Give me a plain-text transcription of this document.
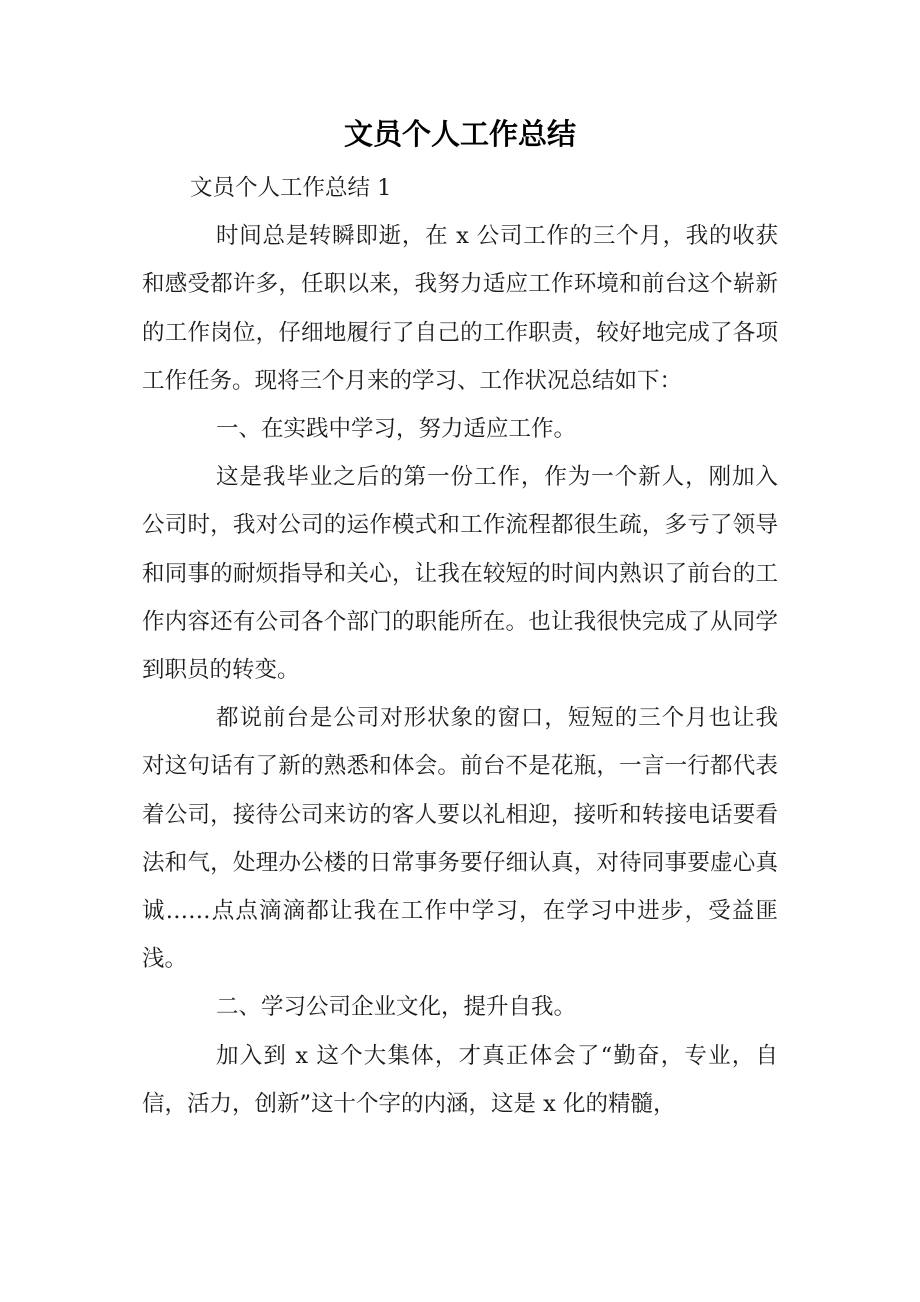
文员个人工作总结

文员个人工作总结 1

时间总是转瞬即逝，在 x 公司工作的三个月，我的收获和感受都许多，任职以来，我努力适应工作环境和前台这个崭新的工作岗位，仔细地履行了自己的工作职责，较好地完成了各项工作任务。现将三个月来的学习、工作状况总结如下：

一、在实践中学习，努力适应工作。

这是我毕业之后的第一份工作，作为一个新人，刚加入公司时，我对公司的运作模式和工作流程都很生疏，多亏了领导和同事的耐烦指导和关心，让我在较短的时间内熟识了前台的工作内容还有公司各个部门的职能所在。也让我很快完成了从同学到职员的转变。

都说前台是公司对形状象的窗口，短短的三个月也让我对这句话有了新的熟悉和体会。前台不是花瓶，一言一行都代表着公司，接待公司来访的客人要以礼相迎，接听和转接电话要看法和气，处理办公楼的日常事务要仔细认真，对待同事要虚心真诚……点点滴滴都让我在工作中学习，在学习中进步，受益匪浅。

二、学习公司企业文化，提升自我。

加入到 x 这个大集体，才真正体会了“勤奋，专业，自信，活力，创新”这十个字的内涵，这是 x 化的精髓，
